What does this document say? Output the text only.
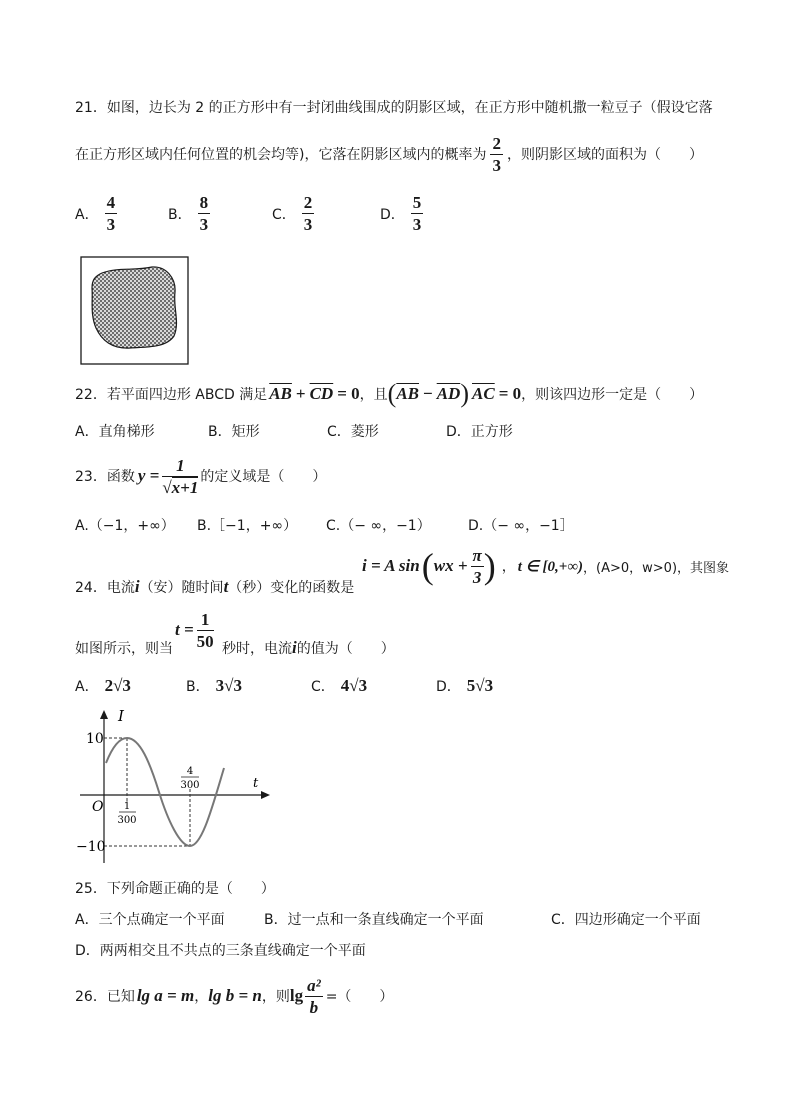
21．如图，边长为 2 的正方形中有一封闭曲线围成的阴影区域，在正方形中随机撒一粒豆子（假设它落
在正方形区域内任何位置的机会均等)，它落在阴影区域内的概率为 $\frac{2}{3}$ ，则阴影区域的面积为（　　）
A． $\frac{4}{3}$	B． $\frac{8}{3}$	C． $\frac{2}{3}$	D． $\frac{5}{3}$
22．若平面四边形 ABCD 满足 $\overline{AB} + \overline{CD} = 0$ ，且 ( $\overline{AB} - \overline{AD}$ ) $\overline{AC} = 0$ ，则该四边形一定是（　　）
A．直角梯形	B．矩形	C．菱形	D．正方形
23．函数 $y = \frac{1}{√x+1}$ 的定义域是（　　）
A.（−1，+∞） B.［−1，+∞） C.（− ∞，−1）	D.（− ∞，−1］
i = A sin ( wx + $\frac{\pi}{3}$ ) ， t ∈ [0,+∞) ，(A>0，w>0)，其图象
24．电流 i （安）随时间 t （秒）变化的函数是
$t = \frac{1}{50}$
如图所示，则当	秒时，电流 i 的值为（　　）
A． 2√3	B． 3√3	C． 4√3	D． 5√3
I
t
O
10
−10
1
300
4
300
25．下列命题正确的是（　　）
A．三个点确定一个平面	B．过一点和一条直线确定一个平面	C．四边形确定一个平面
D．两两相交且不共点的三条直线确定一个平面
26．已知 lg a = m ， lg b = n ，则 $\lg \frac{\text{a²}}{b}$ =（　　）
